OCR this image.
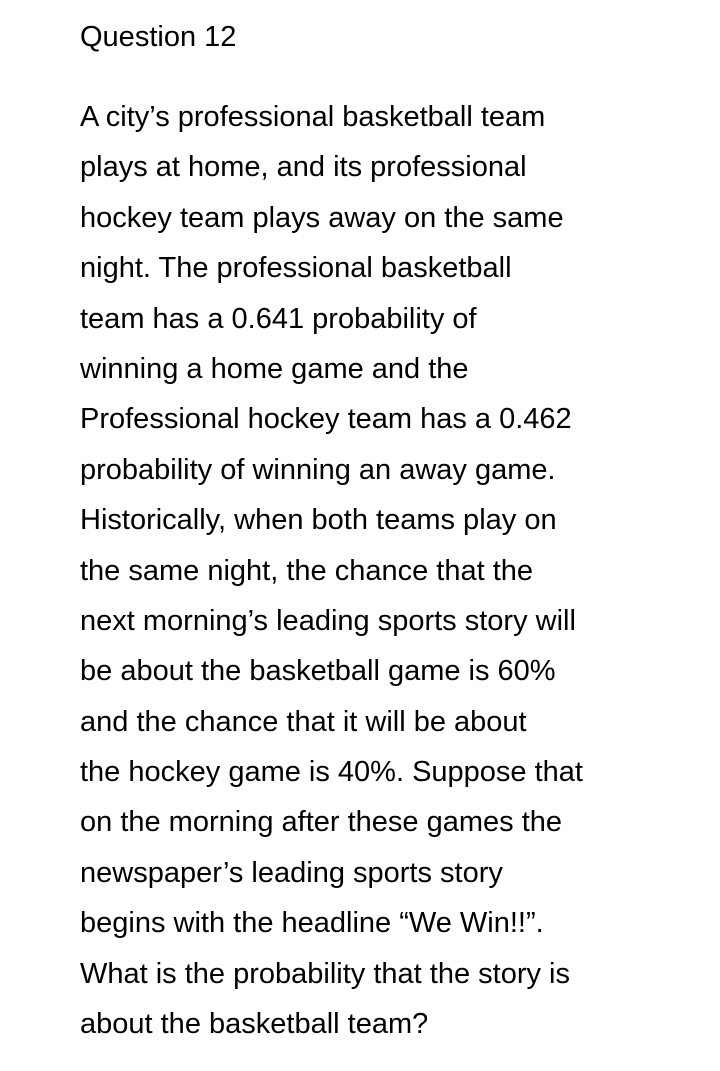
Question 12
A city’s professional basketball team
plays at home, and its professional
hockey team plays away on the same
night. The professional basketball
team has a 0.641 probability of
winning a home game and the
Professional hockey team has a 0.462
probability of winning an away game.
Historically, when both teams play on
the same night, the chance that the
next morning’s leading sports story will
be about the basketball game is 60%
and the chance that it will be about
the hockey game is 40%. Suppose that
on the morning after these games the
newspaper’s leading sports story
begins with the headline “We Win!!”.
What is the probability that the story is
about the basketball team?
